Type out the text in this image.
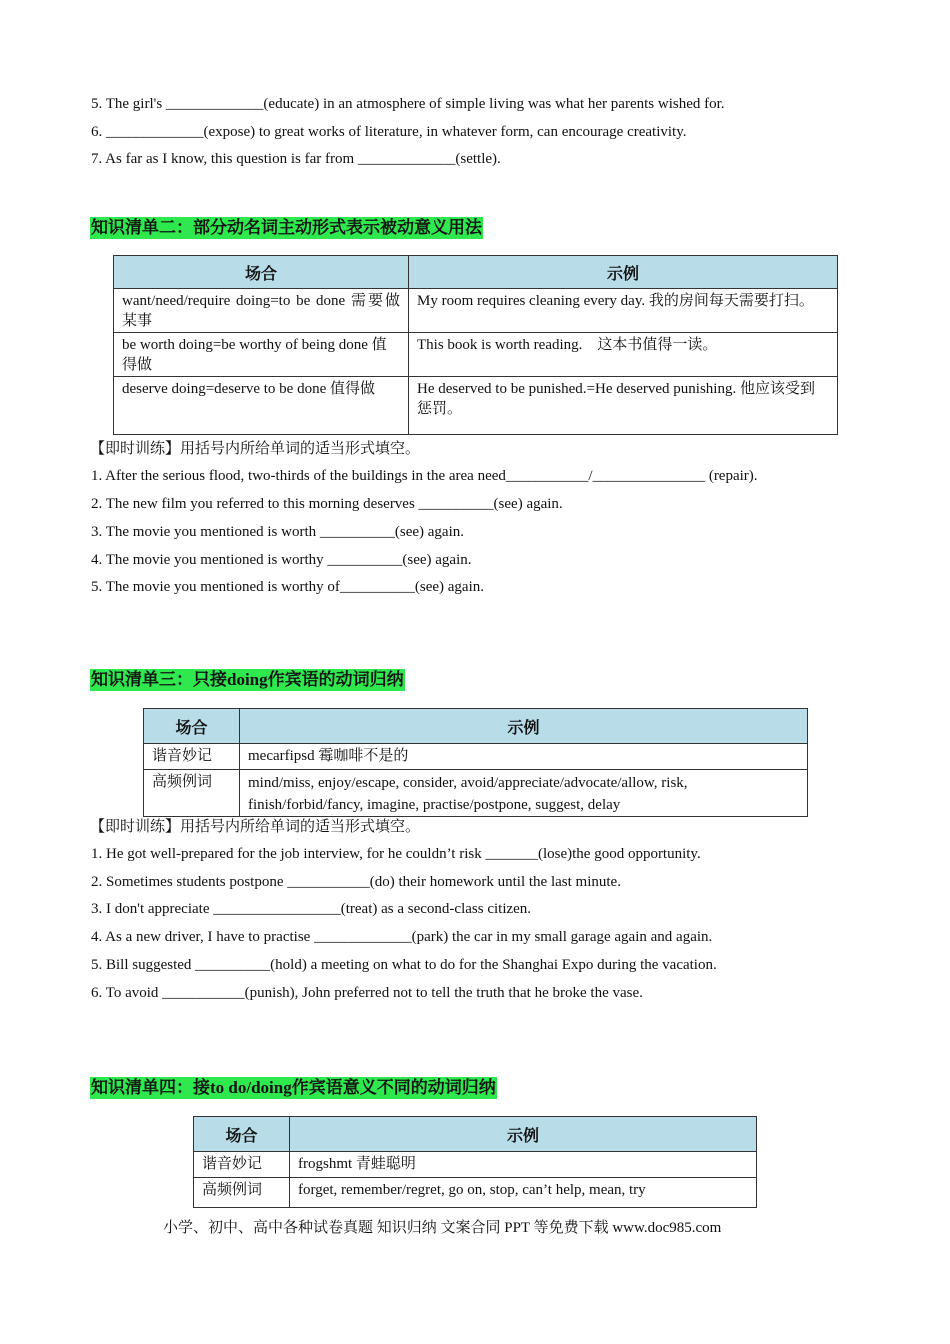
5. The girl's _____________(educate) in an atmosphere of simple living was what her parents wished for.
6. _____________(expose) to great works of literature, in whatever form, can encourage creativity.
7. As far as I know, this question is far from _____________(settle).
知识清单二：部分动名词主动形式表示被动意义用法
场合	示例
want/need/require doing=to be done 需要做某事	My room requires cleaning every day. 我的房间每天需要打扫。
be worth doing=be worthy of being done 值得做	This book is worth reading.　这本书值得一读。
deserve doing=deserve to be done 值得做	He deserved to be punished.=He deserved punishing. 他应该受到惩罚。
【即时训练】用括号内所给单词的适当形式填空。
1. After the serious flood, two-thirds of the buildings in the area need___________/_______________ (repair).
2. The new film you referred to this morning deserves __________(see) again.
3. The movie you mentioned is worth __________(see) again.
4. The movie you mentioned is worthy __________(see) again.
5. The movie you mentioned is worthy of__________(see) again.
知识清单三：只接doing作宾语的动词归纳
场合	示例
谐音妙记	mecarfipsd 霉咖啡不是的
高频例词	mind/miss, enjoy/escape, consider, avoid/appreciate/advocate/allow, risk, finish/forbid/fancy, imagine, practise/postpone, suggest, delay
【即时训练】用括号内所给单词的适当形式填空。
1. He got well-prepared for the job interview, for he couldn’t risk _______(lose)the good opportunity.
2. Sometimes students postpone ___________(do) their homework until the last minute.
3. I don't appreciate _________________(treat) as a second-class citizen.
4. As a new driver, I have to practise _____________(park) the car in my small garage again and again.
5. Bill suggested __________(hold) a meeting on what to do for the Shanghai Expo during the vacation.
6. To avoid ___________(punish), John preferred not to tell the truth that he broke the vase.
知识清单四：接to do/doing作宾语意义不同的动词归纳
场合	示例
谐音妙记	frogshmt 青蛙聪明
高频例词	forget, remember/regret, go on, stop, can’t help, mean, try
小学、初中、高中各种试卷真题 知识归纳 文案合同 PPT 等免费下载 www.doc985.com
